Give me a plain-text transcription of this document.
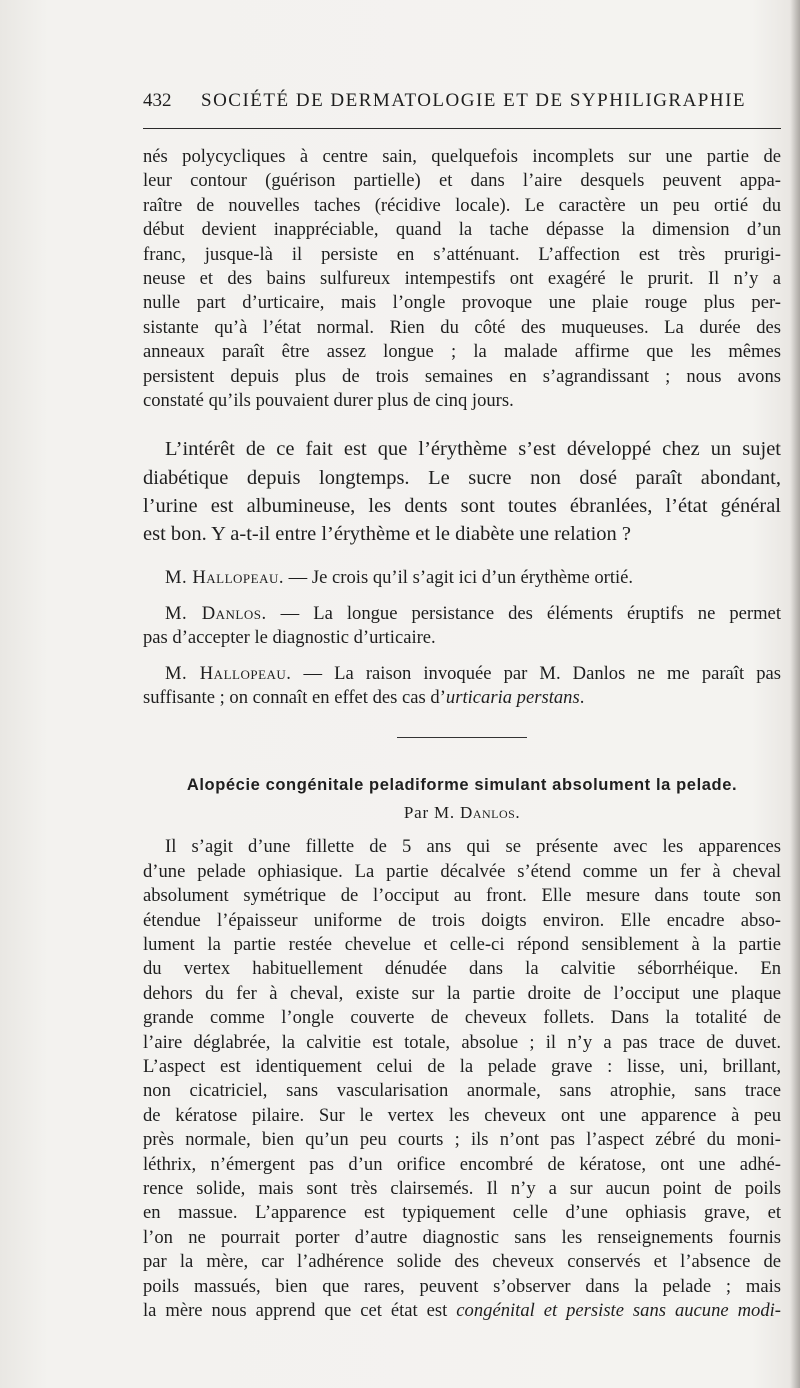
432 SOCIÉTÉ DE DERMATOLOGIE ET DE SYPHILIGRAPHIE
nés polycycliques à centre sain, quelquefois incomplets sur une partie de
leur contour (guérison partielle) et dans l’aire desquels peuvent appa-
raître de nouvelles taches (récidive locale). Le caractère un peu ortié du
début devient inappréciable, quand la tache dépasse la dimension d’un
franc, jusque-là il persiste en s’atténuant. L’affection est très prurigi-
neuse et des bains sulfureux intempestifs ont exagéré le prurit. Il n’y a
nulle part d’urticaire, mais l’ongle provoque une plaie rouge plus per-
sistante qu’à l’état normal. Rien du côté des muqueuses. La durée des
anneaux paraît être assez longue ; la malade affirme que les mêmes
persistent depuis plus de trois semaines en s’agrandissant ; nous avons
constaté qu’ils pouvaient durer plus de cinq jours.
L’intérêt de ce fait est que l’érythème s’est développé chez un sujet
diabétique depuis longtemps. Le sucre non dosé paraît abondant,
l’urine est albumineuse, les dents sont toutes ébranlées, l’état général
est bon. Y a-t-il entre l’érythème et le diabète une relation ?
M. Hallopeau. — Je crois qu’il s’agit ici d’un érythème ortié.
M. Danlos. — La longue persistance des éléments éruptifs ne permet
pas d’accepter le diagnostic d’urticaire.
M. Hallopeau. — La raison invoquée par M. Danlos ne me paraît pas
suffisante ; on connaît en effet des cas d’urticaria perstans.
Alopécie congénitale peladiforme simulant absolument la pelade.
Par M. Danlos.
Il s’agit d’une fillette de 5 ans qui se présente avec les apparences
d’une pelade ophiasique. La partie décalvée s’étend comme un fer à cheval
absolument symétrique de l’occiput au front. Elle mesure dans toute son
étendue l’épaisseur uniforme de trois doigts environ. Elle encadre abso-
lument la partie restée chevelue et celle-ci répond sensiblement à la partie
du vertex habituellement dénudée dans la calvitie séborrhéique. En
dehors du fer à cheval, existe sur la partie droite de l’occiput une plaque
grande comme l’ongle couverte de cheveux follets. Dans la totalité de
l’aire déglabrée, la calvitie est totale, absolue ; il n’y a pas trace de duvet.
L’aspect est identiquement celui de la pelade grave : lisse, uni, brillant,
non cicatriciel, sans vascularisation anormale, sans atrophie, sans trace
de kératose pilaire. Sur le vertex les cheveux ont une apparence à peu
près normale, bien qu’un peu courts ; ils n’ont pas l’aspect zébré du moni-
léthrix, n’émergent pas d’un orifice encombré de kératose, ont une adhé-
rence solide, mais sont très clairsemés. Il n’y a sur aucun point de poils
en massue. L’apparence est typiquement celle d’une ophiasis grave, et
l’on ne pourrait porter d’autre diagnostic sans les renseignements fournis
par la mère, car l’adhérence solide des cheveux conservés et l’absence de
poils massués, bien que rares, peuvent s’observer dans la pelade ; mais
la mère nous apprend que cet état est congénital et persiste sans aucune modi-
